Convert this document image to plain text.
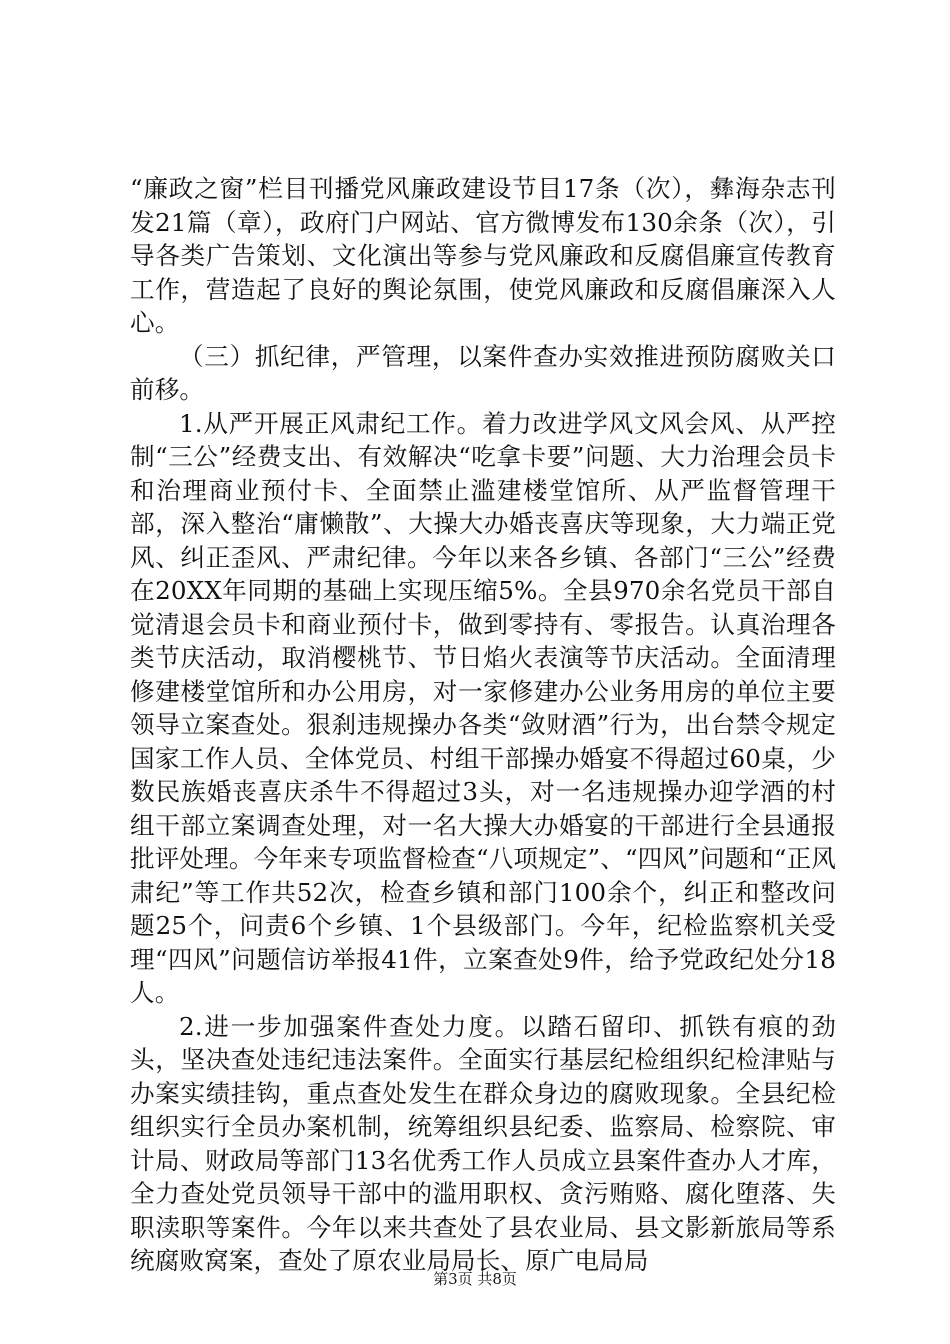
“廉政之窗”栏目刊播党风廉政建设节目17条（次），彝海杂志刊发21篇（章），政府门户网站、官方微博发布130余条（次），引导各类广告策划、文化演出等参与党风廉政和反腐倡廉宣传教育工作，营造起了良好的舆论氛围，使党风廉政和反腐倡廉深入人心。

（三）抓纪律，严管理，以案件查办实效推进预防腐败关口前移。

1.从严开展正风肃纪工作。着力改进学风文风会风、从严控制“三公”经费支出、有效解决“吃拿卡要”问题、大力治理会员卡和治理商业预付卡、全面禁止滥建楼堂馆所、从严监督管理干部，深入整治“庸懒散”、大操大办婚丧喜庆等现象，大力端正党风、纠正歪风、严肃纪律。今年以来各乡镇、各部门“三公”经费在20XX年同期的基础上实现压缩5%。全县970余名党员干部自觉清退会员卡和商业预付卡，做到零持有、零报告。认真治理各类节庆活动，取消樱桃节、节日焰火表演等节庆活动。全面清理修建楼堂馆所和办公用房，对一家修建办公业务用房的单位主要领导立案查处。狠刹违规操办各类“敛财酒”行为，出台禁令规定国家工作人员、全体党员、村组干部操办婚宴不得超过60桌，少数民族婚丧喜庆杀牛不得超过3头，对一名违规操办迎学酒的村组干部立案调查处理，对一名大操大办婚宴的干部进行全县通报批评处理。今年来专项监督检查“八项规定”、“四风”问题和“正风肃纪”等工作共52次，检查乡镇和部门100余个，纠正和整改问题25个，问责6个乡镇、1个县级部门。今年，纪检监察机关受理“四风”问题信访举报41件，立案查处9件，给予党政纪处分18人。

2.进一步加强案件查处力度。以踏石留印、抓铁有痕的劲头，坚决查处违纪违法案件。全面实行基层纪检组织纪检津贴与办案实绩挂钩，重点查处发生在群众身边的腐败现象。全县纪检组织实行全员办案机制，统筹组织县纪委、监察局、检察院、审计局、财政局等部门13名优秀工作人员成立县案件查办人才库，全力查处党员领导干部中的滥用职权、贪污贿赂、腐化堕落、失职渎职等案件。今年以来共查处了县农业局、县文影新旅局等系统腐败窝案，查处了原农业局局长、原广电局局

第3页 共8页
